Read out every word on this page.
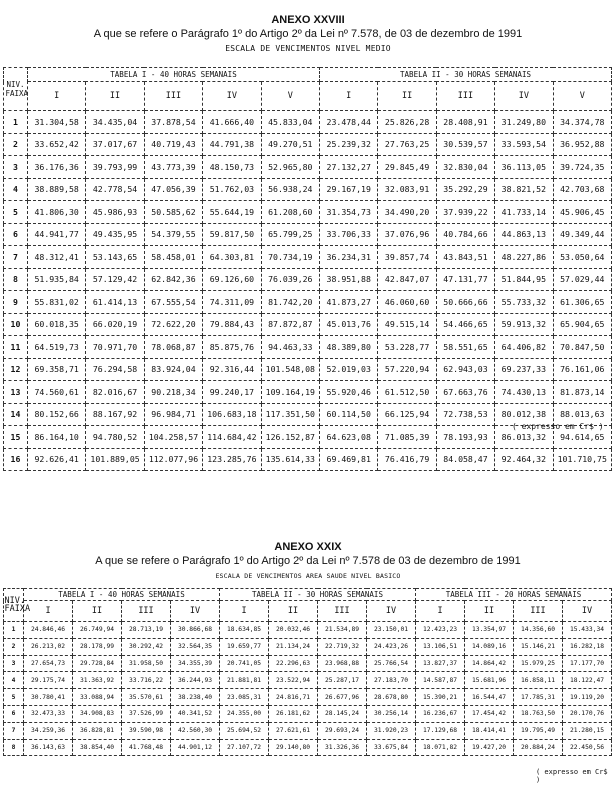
ANEXO XXVIII
A que se refere o Parágrafo 1º do Artigo 2º da Lei nº 7.578, de 03 de dezembro de 1991
ESCALA DE VENCIMENTOS NIVEL MEDIO
NIV. FAIXA	TABELA I - 40 HORAS SEMANAIS					TABELA II - 30 HORAS SEMANAIS				
	I	II	III	IV	V	I	II	III	IV	V
1	31.304,58	34.435,04	37.878,54	41.666,40	45.833,04	23.478,44	25.826,28	28.408,91	31.249,80	34.374,78
2	33.652,42	37.017,67	40.719,43	44.791,38	49.270,51	25.239,32	27.763,25	30.539,57	33.593,54	36.952,88
3	36.176,36	39.793,99	43.773,39	48.150,73	52.965,80	27.132,27	29.845,49	32.830,04	36.113,05	39.724,35
4	38.889,58	42.778,54	47.056,39	51.762,03	56.938,24	29.167,19	32.083,91	35.292,29	38.821,52	42.703,68
5	41.806,30	45.986,93	50.585,62	55.644,19	61.208,60	31.354,73	34.490,20	37.939,22	41.733,14	45.906,45
6	44.941,77	49.435,95	54.379,55	59.817,50	65.799,25	33.706,33	37.076,96	40.784,66	44.863,13	49.349,44
7	48.312,41	53.143,65	58.458,01	64.303,81	70.734,19	36.234,31	39.857,74	43.843,51	48.227,86	53.050,64
8	51.935,84	57.129,42	62.842,36	69.126,60	76.039,26	38.951,88	42.847,07	47.131,77	51.844,95	57.029,44
9	55.831,02	61.414,13	67.555,54	74.311,09	81.742,20	41.873,27	46.060,60	50.666,66	55.733,32	61.306,65
10	60.018,35	66.020,19	72.622,20	79.884,43	87.872,87	45.013,76	49.515,14	54.466,65	59.913,32	65.904,65
11	64.519,73	70.971,70	78.068,87	85.875,76	94.463,33	48.389,80	53.228,77	58.551,65	64.406,82	70.847,50
12	69.358,71	76.294,58	83.924,04	92.316,44	101.548,08	52.019,03	57.220,94	62.943,03	69.237,33	76.161,06
13	74.560,61	82.016,67	90.218,34	99.240,17	109.164,19	55.920,46	61.512,50	67.663,76	74.430,13	81.873,14
14	80.152,66	88.167,92	96.984,71	106.683,18	117.351,50	60.114,50	66.125,94	72.738,53	80.012,38	88.013,63
15	86.164,10	94.780,52	104.258,57	114.684,42	126.152,87	64.623,08	71.085,39	78.193,93	86.013,32	94.614,65
16	92.626,41	101.889,05	112.077,96	123.285,76	135.614,33	69.469,81	76.416,79	84.058,47	92.464,32	101.710,75
( expresso em Cr$ )
ANEXO XXIX
A que se refere o Parágrafo 1º do Artigo 2º da Lei nº 7.578 de 03 de dezembro de 1991
ESCALA DE VENCIMENTOS AREA SAUDE NIVEL BASICO
NIV. FAIXA	TABELA I - 40 HORAS SEMANAIS				TABELA II - 30 HORAS SEMANAIS				TABELA III - 20 HORAS SEMANAIS			
	I	II	III	IV	I	II	III	IV	I	II	III	IV
1	24.846,46	26.749,94	28.713,19	30.866,68	18.634,85	20.032,46	21.534,89	23.150,01	12.423,23	13.354,97	14.356,60	15.433,34
2	26.213,02	28.178,99	30.292,42	32.564,35	19.659,77	21.134,24	22.719,32	24.423,26	13.106,51	14.089,16	15.146,21	16.282,18
3	27.654,73	29.728,84	31.958,50	34.355,39	20.741,05	22.296,63	23.968,88	25.766,54	13.827,37	14.864,42	15.979,25	17.177,70
4	29.175,74	31.363,92	33.716,22	36.244,93	21.881,81	23.522,94	25.287,17	27.183,70	14.587,87	15.681,96	16.858,11	18.122,47
5	30.780,41	33.088,94	35.570,61	38.238,40	23.085,31	24.816,71	26.677,96	28.678,80	15.390,21	16.544,47	17.785,31	19.119,20
6	32.473,33	34.908,83	37.526,99	40.341,52	24.355,00	26.181,62	28.145,24	30.256,14	16.236,67	17.454,42	18.763,50	20.170,76
7	34.259,36	36.828,81	39.590,98	42.560,30	25.694,52	27.621,61	29.693,24	31.920,23	17.129,68	18.414,41	19.795,49	21.280,15
8	36.143,63	38.854,40	41.768,48	44.901,12	27.107,72	29.140,80	31.326,36	33.675,84	18.071,82	19.427,20	20.884,24	22.450,56
( expresso em Cr$ )
